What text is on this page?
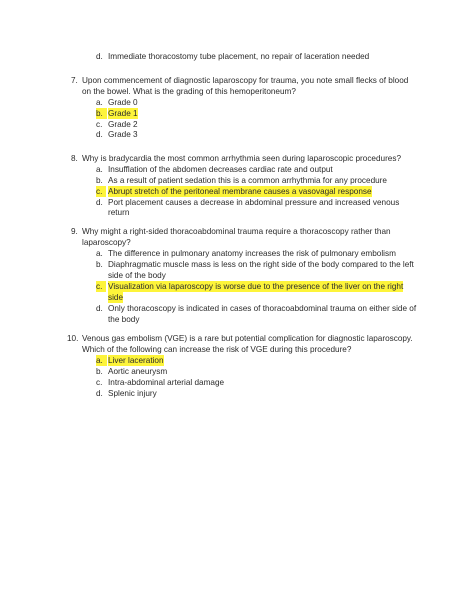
d. Immediate thoracostomy tube placement, no repair of laceration needed

7. Upon commencement of diagnostic laparoscopy for trauma, you note small flecks of blood

on the bowel. What is the grading of this hemoperitoneum?

a. Grade 0

b. Grade 1

c. Grade 2

d. Grade 3

8. Why is bradycardia the most common arrhythmia seen during laparoscopic procedures?

a. Insufflation of the abdomen decreases cardiac rate and output

b. As a result of patient sedation this is a common arrhythmia for any procedure

c. Abrupt stretch of the peritoneal membrane causes a vasovagal response

d. Port placement causes a decrease in abdominal pressure and increased venous

return

9. Why might a right-sided thoracoabdominal trauma require a thoracoscopy rather than

laparoscopy?

a. The difference in pulmonary anatomy increases the risk of pulmonary embolism

b. Diaphragmatic muscle mass is less on the right side of the body compared to the left

side of the body

c. Visualization via laparoscopy is worse due to the presence of the liver on the right

side

d. Only thoracoscopy is indicated in cases of thoracoabdominal trauma on either side of

the body

10. Venous gas embolism (VGE) is a rare but potential complication for diagnostic laparoscopy.

Which of the following can increase the risk of VGE during this procedure?

a. Liver laceration

b. Aortic aneurysm

c. Intra-abdominal arterial damage

d. Splenic injury
